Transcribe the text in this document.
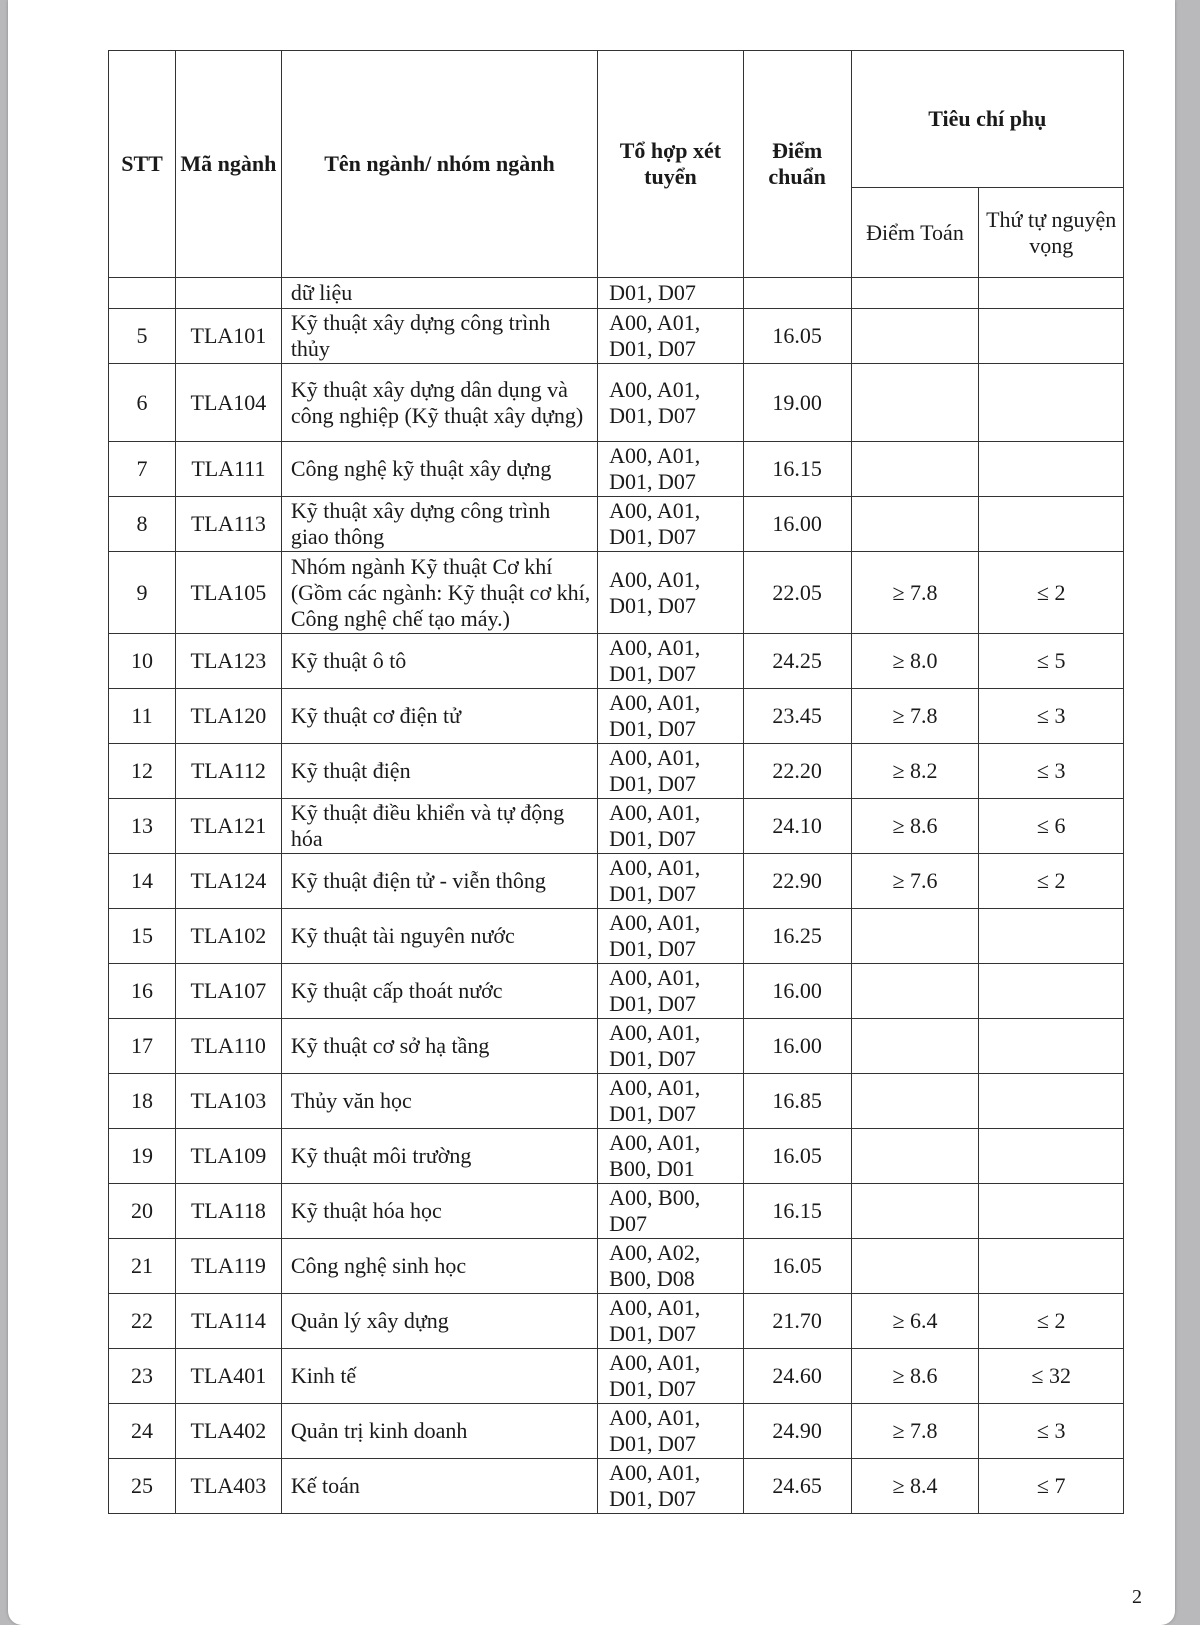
STT	Mã ngành	Tên ngành/ nhóm ngành	Tổ hợp xét tuyển	Điểm chuẩn	Tiêu chí phụ	
					Điểm Toán	Thứ tự nguyện vọng
		dữ liệu	D01, D07			
5	TLA101	Kỹ thuật xây dựng công trình thủy	A00, A01, D01, D07	16.05		
6	TLA104	Kỹ thuật xây dựng dân dụng và công nghiệp (Kỹ thuật xây dựng)	A00, A01, D01, D07	19.00		
7	TLA111	Công nghệ kỹ thuật xây dựng	A00, A01, D01, D07	16.15		
8	TLA113	Kỹ thuật xây dựng công trình giao thông	A00, A01, D01, D07	16.00		
9	TLA105	Nhóm ngành Kỹ thuật Cơ khí (Gồm các ngành: Kỹ thuật cơ khí, Công nghệ chế tạo máy.)	A00, A01, D01, D07	22.05	≥ 7.8	≤ 2
10	TLA123	Kỹ thuật ô tô	A00, A01, D01, D07	24.25	≥ 8.0	≤ 5
11	TLA120	Kỹ thuật cơ điện tử	A00, A01, D01, D07	23.45	≥ 7.8	≤ 3
12	TLA112	Kỹ thuật điện	A00, A01, D01, D07	22.20	≥ 8.2	≤ 3
13	TLA121	Kỹ thuật điều khiển và tự động hóa	A00, A01, D01, D07	24.10	≥ 8.6	≤ 6
14	TLA124	Kỹ thuật điện tử - viễn thông	A00, A01, D01, D07	22.90	≥ 7.6	≤ 2
15	TLA102	Kỹ thuật tài nguyên nước	A00, A01, D01, D07	16.25		
16	TLA107	Kỹ thuật cấp thoát nước	A00, A01, D01, D07	16.00		
17	TLA110	Kỹ thuật cơ sở hạ tầng	A00, A01, D01, D07	16.00		
18	TLA103	Thủy văn học	A00, A01, D01, D07	16.85		
19	TLA109	Kỹ thuật môi trường	A00, A01, B00, D01	16.05		
20	TLA118	Kỹ thuật hóa học	A00, B00, D07	16.15		
21	TLA119	Công nghệ sinh học	A00, A02, B00, D08	16.05		
22	TLA114	Quản lý xây dựng	A00, A01, D01, D07	21.70	≥ 6.4	≤ 2
23	TLA401	Kinh tế	A00, A01, D01, D07	24.60	≥ 8.6	≤ 32
24	TLA402	Quản trị kinh doanh	A00, A01, D01, D07	24.90	≥ 7.8	≤ 3
25	TLA403	Kế toán	A00, A01, D01, D07	24.65	≥ 8.4	≤ 7
2
